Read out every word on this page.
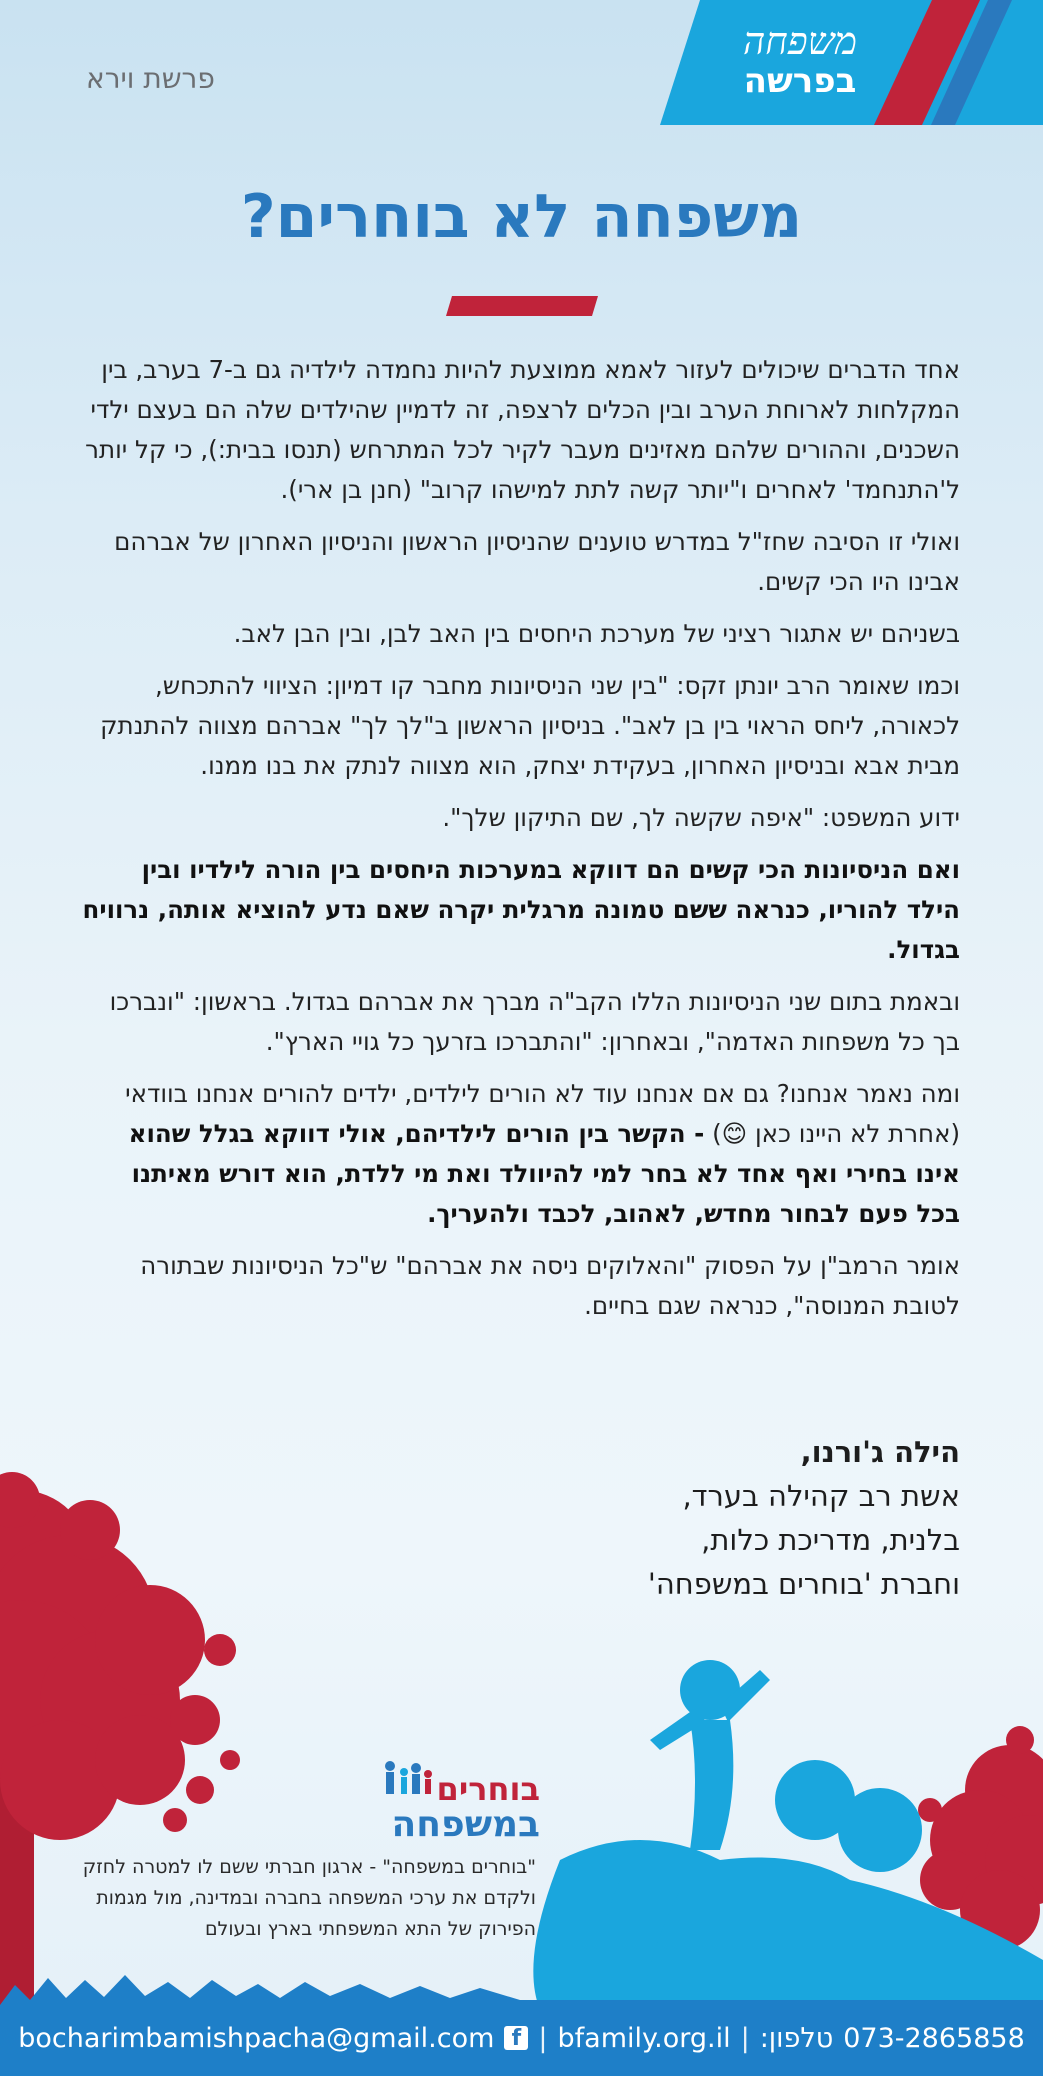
משפחה
בפרשה
פרשת וירא
משפחה לא בוחרים?

אחד הדברים שיכולים לעזור לאמא ממוצעת להיות נחמדה לילדיה גם ב-7 בערב, בין המקלחות לארוחת הערב ובין הכלים לרצפה, זה לדמיין שהילדים שלה הם בעצם ילדי השכנים, וההורים שלהם מאזינים מעבר לקיר לכל המתרחש (תנסו בבית:), כי קל יותר ל'התנחמד' לאחרים ו"יותר קשה לתת למישהו קרוב" (חנן בן ארי).

ואולי זו הסיבה שחז"ל במדרש טוענים שהניסיון הראשון והניסיון האחרון של אברהם אבינו היו הכי קשים.

בשניהם יש אתגור רציני של מערכת היחסים בין האב לבן, ובין הבן לאב.

וכמו שאומר הרב יונתן זקס: "בין שני הניסיונות מחבר קו דמיון: הציווי להתכחש, לכאורה, ליחס הראוי בין בן לאב". בניסיון הראשון ב"לך לך" אברהם מצווה להתנתק מבית אבא ובניסיון האחרון, בעקידת יצחק, הוא מצווה לנתק את בנו ממנו.

ידוע המשפט: "איפה שקשה לך, שם התיקון שלך".

ואם הניסיונות הכי קשים הם דווקא במערכות היחסים בין הורה לילדיו ובין הילד להוריו, כנראה ששם טמונה מרגלית יקרה שאם נדע להוציא אותה, נרוויח בגדול.

ובאמת בתום שני הניסיונות הללו הקב"ה מברך את אברהם בגדול. בראשון: "ונברכו בך כל משפחות האדמה", ובאחרון: "והתברכו בזרעך כל גויי הארץ".

ומה נאמר אנחנו? גם אם אנחנו עוד לא הורים לילדים, ילדים להורים אנחנו בוודאי (אחרת לא היינו כאן 😊) - הקשר בין הורים לילדיהם, אולי דווקא בגלל שהוא אינו בחירי ואף אחד לא בחר למי להיוולד ואת מי ללדת, הוא דורש מאיתנו בכל פעם לבחור מחדש, לאהוב, לכבד ולהעריך.

אומר הרמב"ן על הפסוק "והאלוקים ניסה את אברהם" ש"כל הניסיונות שבתורה לטובת המנוסה", כנראה שגם בחיים.

הילה ג'ורנו,
אשת רב קהילה בערד,
בלנית, מדריכת כלות,
וחברת 'בוחרים במשפחה'
בוחרים
במשפחה
"בוחרים במשפחה" - ארגון חברתי ששם לו למטרה לחזק ולקדם את ערכי המשפחה בחברה ובמדינה, מול מגמות הפירוק של התא המשפחתי בארץ ובעולם
bocharimbamishpacha@gmail.com f | bfamily.org.il | טלפון: 073-2865858
